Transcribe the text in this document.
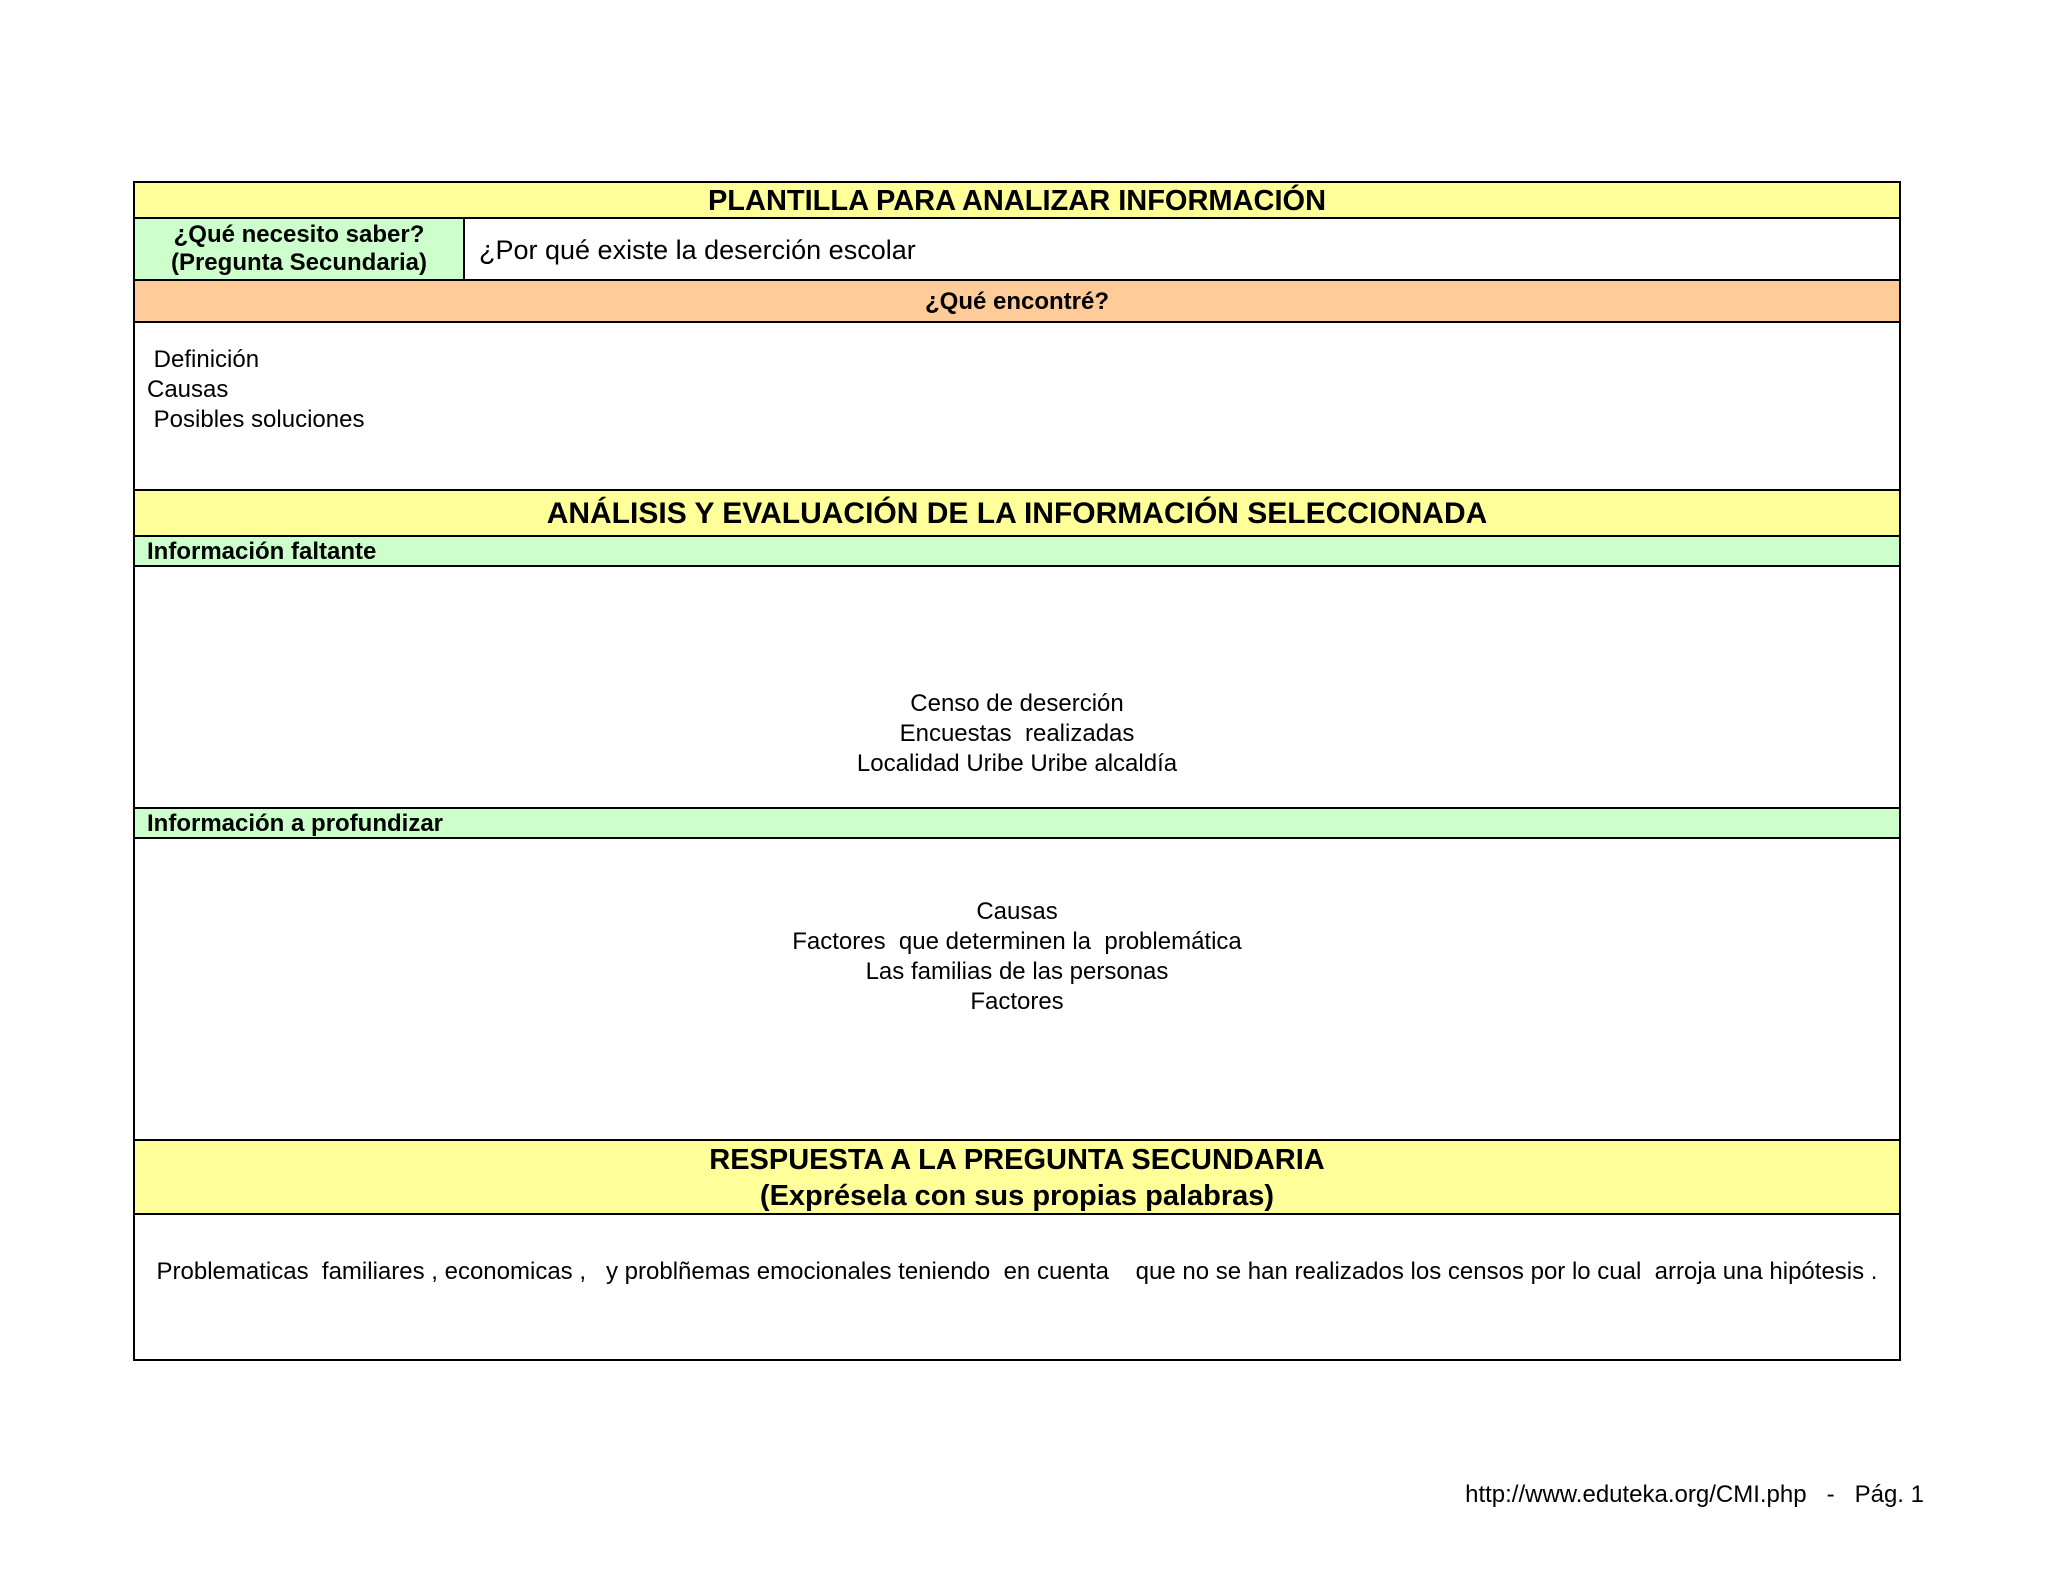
PLANTILLA PARA ANALIZAR INFORMACIÓN
¿Qué necesito saber?
(Pregunta Secundaria)	¿Por qué existe la deserción escolar
¿Qué encontré?
Definición
Causas
Posibles soluciones
ANÁLISIS Y EVALUACIÓN DE LA INFORMACIÓN SELECCIONADA
Información faltante
Censo de deserción
Encuestas  realizadas
Localidad Uribe Uribe alcaldía
Información a profundizar
Causas
Factores  que determinen la  problemática
Las familias de las personas
Factores
RESPUESTA A LA PREGUNTA SECUNDARIA
(Exprésela con sus propias palabras)
Problematicas  familiares , economicas ,   y problñemas emocionales teniendo  en cuenta    que no se han realizados los censos por lo cual  arroja una hipótesis .
http://www.eduteka.org/CMI.php   -   Pág. 1
